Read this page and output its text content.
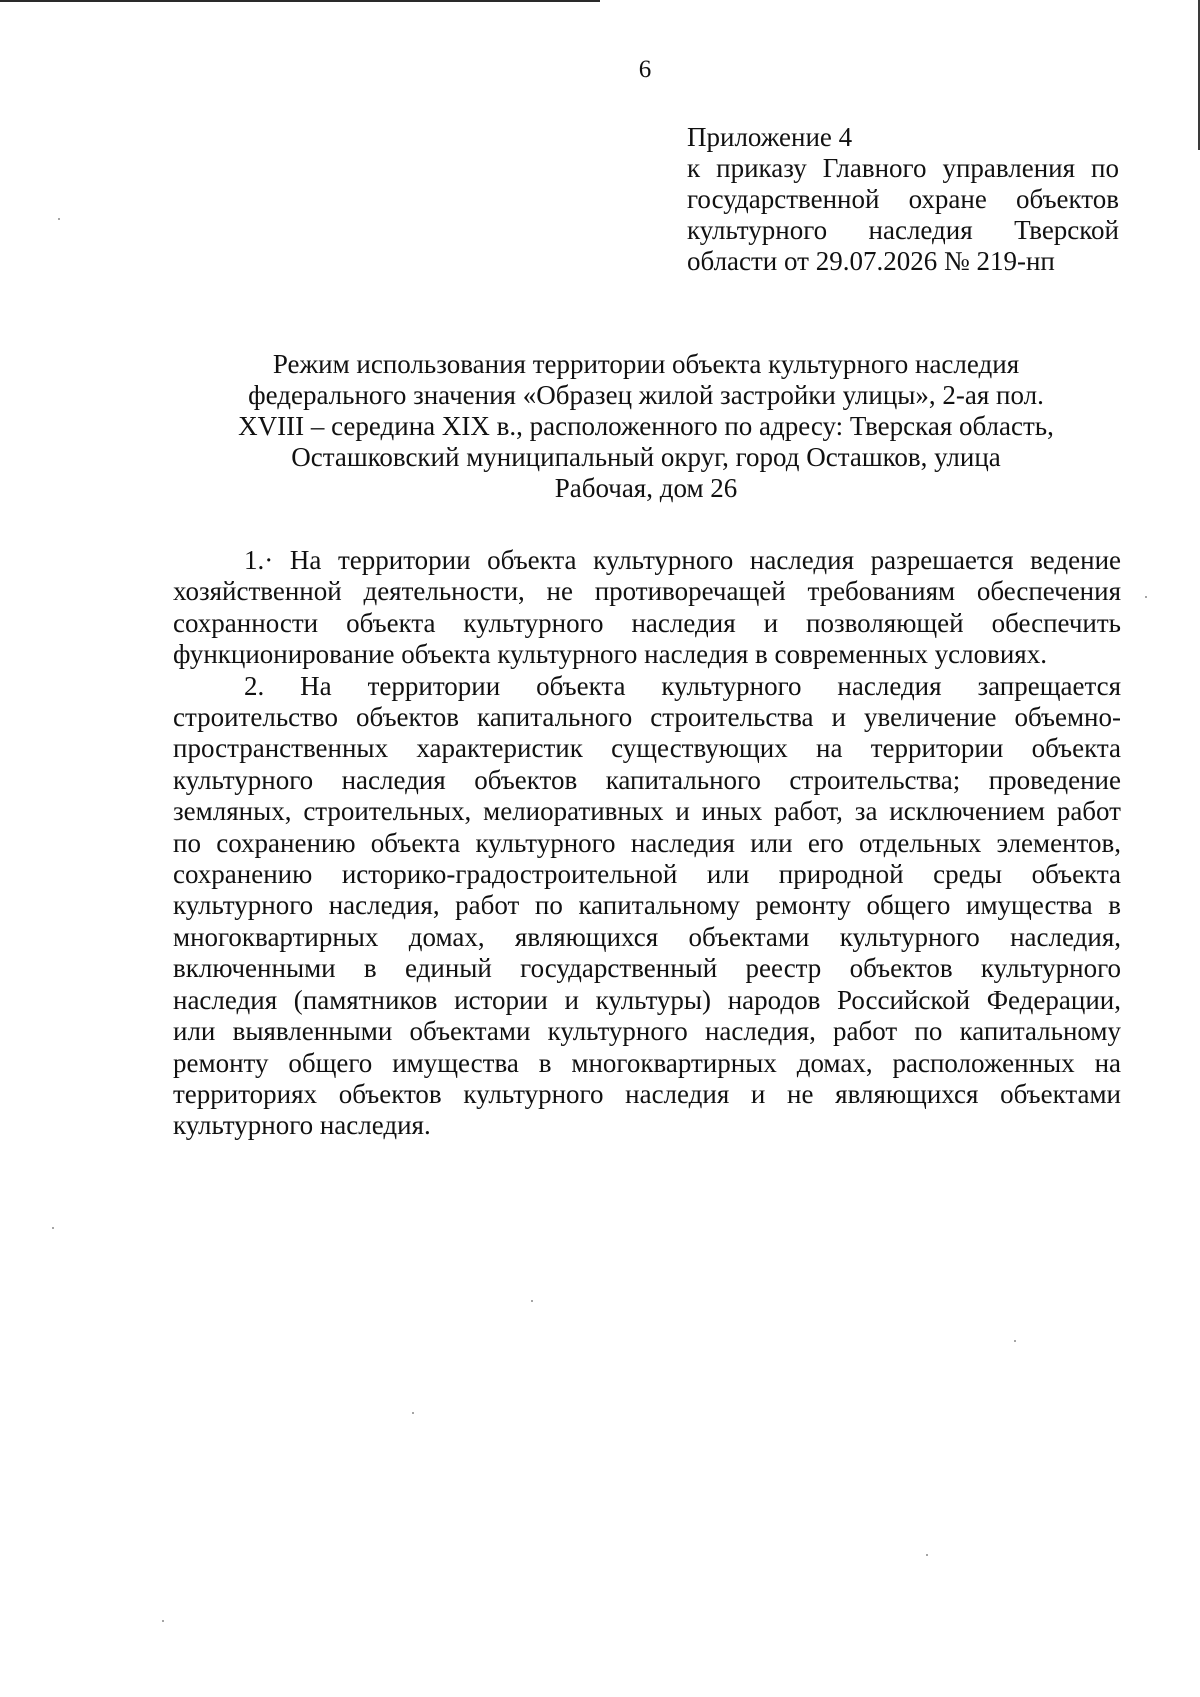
6
Приложение 4
к приказу Главного управления по
государственной охране объектов
культурного наследия Тверской
области от 29.07.2026 № 219-нп
Режим использования территории объекта культурного наследия
федерального значения «Образец жилой застройки улицы», 2-ая пол.
XVIII – середина XIX в., расположенного по адресу: Тверская область,
Осташковский муниципальный округ, город Осташков, улица
Рабочая, дом 26
1.· На территории объекта культурного наследия разрешается ведение
хозяйственной деятельности, не противоречащей требованиям обеспечения
сохранности объекта культурного наследия и позволяющей обеспечить
функционирование объекта культурного наследия в современных условиях.
2. На территории объекта культурного наследия запрещается
строительство объектов капитального строительства и увеличение объемно-
пространственных характеристик существующих на территории объекта
культурного наследия объектов капитального строительства; проведение
земляных, строительных, мелиоративных и иных работ, за исключением работ
по сохранению объекта культурного наследия или его отдельных элементов,
сохранению историко-градостроительной или природной среды объекта
культурного наследия, работ по капитальному ремонту общего имущества в
многоквартирных домах, являющихся объектами культурного наследия,
включенными в единый государственный реестр объектов культурного
наследия (памятников истории и культуры) народов Российской Федерации,
или выявленными объектами культурного наследия, работ по капитальному
ремонту общего имущества в многоквартирных домах, расположенных на
территориях объектов культурного наследия и не являющихся объектами
культурного наследия.
